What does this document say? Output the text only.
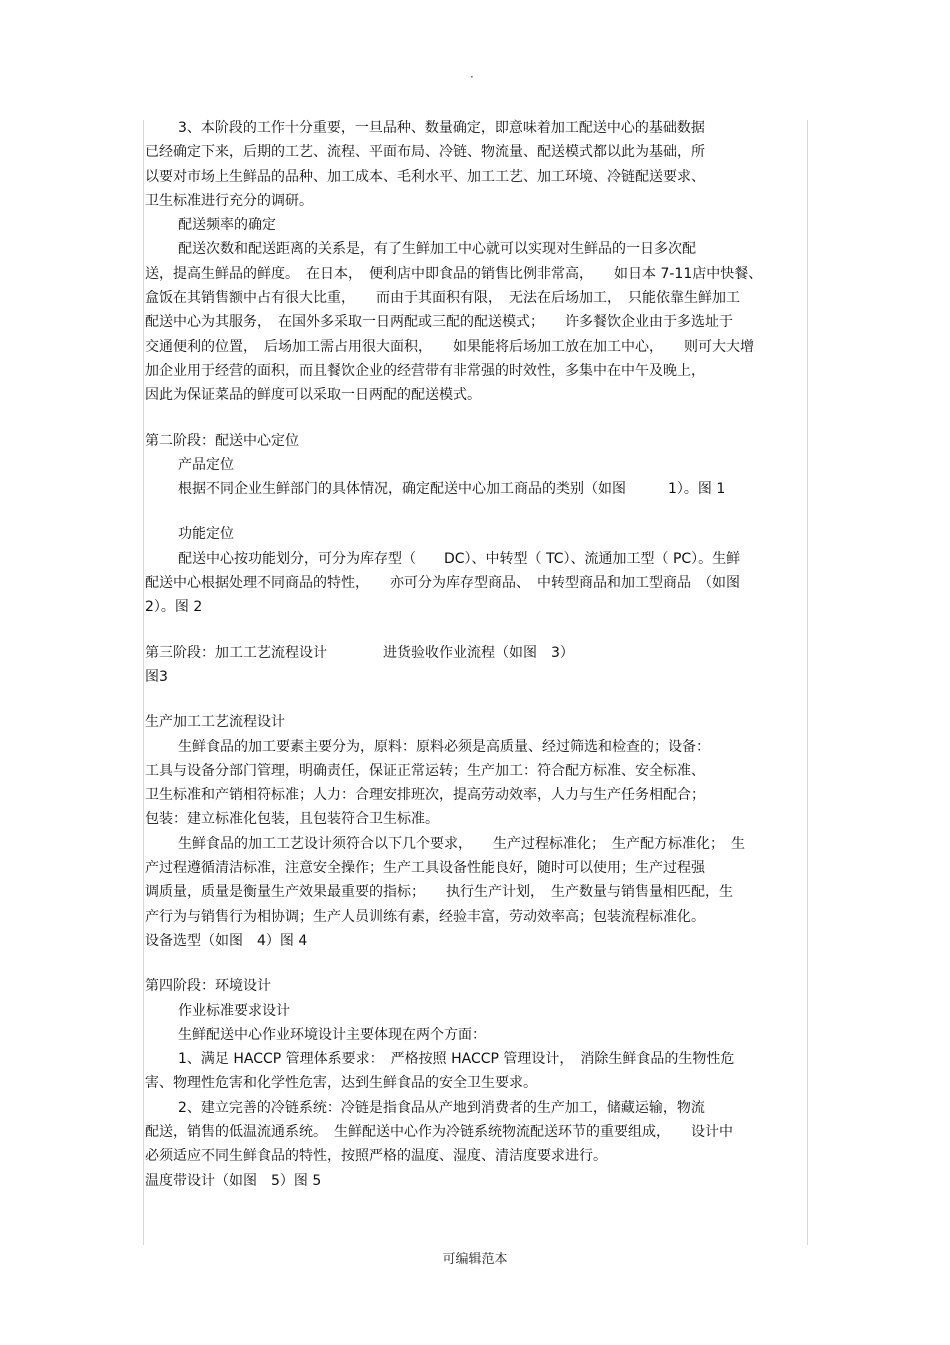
·
3、本阶段的工作十分重要，一旦品种、数量确定，即意味着加工配送中心的基础数据
已经确定下来，后期的工艺、流程、平面布局、冷链、物流量、配送模式都以此为基础，所
以要对市场上生鲜品的品种、加工成本、毛利水平、加工工艺、加工环境、冷链配送要求、
卫生标准进行充分的调研。
配送频率的确定
配送次数和配送距离的关系是，有了生鲜加工中心就可以实现对生鲜品的一日多次配
送，提高生鲜品的鲜度。　在日本，　便利店中即食品的销售比例非常高，　　如日本 7-11店中快餐、
盒饭在其销售额中占有很大比重，　　而由于其面积有限，　无法在后场加工，　只能依靠生鲜加工
配送中心为其服务，　在国外多采取一日两配或三配的配送模式；　　许多餐饮企业由于多选址于
交通便利的位置，　后场加工需占用很大面积，　　如果能将后场加工放在加工中心，　　则可大大增
加企业用于经营的面积，而且餐饮企业的经营带有非常强的时效性，多集中在中午及晚上，
因此为保证菜品的鲜度可以采取一日两配的配送模式。
第二阶段：配送中心定位
产品定位
根据不同企业生鲜部门的具体情况，确定配送中心加工商品的类别（如图　　　1）。图 1
功能定位
配送中心按功能划分，可分为库存型（　　DC）、中转型（ TC）、流通加工型（ PC）。生鲜
配送中心根据处理不同商品的特性，　　亦可分为库存型商品、　中转型商品和加工型商品　（如图
2）。图 2
第三阶段：加工工艺流程设计　　　　进货验收作业流程（如图　3）
图3
生产加工工艺流程设计
生鲜食品的加工要素主要分为，原料：原料必须是高质量、经过筛选和检查的；设备：
工具与设备分部门管理，明确责任，保证正常运转；生产加工：符合配方标准、安全标准、
卫生标准和产销相符标准；人力：合理安排班次，提高劳动效率，人力与生产任务相配合；
包装：建立标准化包装，且包装符合卫生标准。
生鲜食品的加工工艺设计须符合以下几个要求，　　生产过程标准化；　生产配方标准化；　生
产过程遵循清洁标准，注意安全操作；生产工具设备性能良好，随时可以使用；生产过程强
调质量，质量是衡量生产效果最重要的指标；　　执行生产计划，　生产数量与销售量相匹配，生
产行为与销售行为相协调；生产人员训练有素，经验丰富，劳动效率高；包装流程标准化。
设备选型（如图　4）图 4
第四阶段：环境设计
作业标准要求设计
生鲜配送中心作业环境设计主要体现在两个方面：
1、满足 HACCP 管理体系要求：　严格按照 HACCP 管理设计，　消除生鲜食品的生物性危
害、物理性危害和化学性危害，达到生鲜食品的安全卫生要求。
2、建立完善的冷链系统：冷链是指食品从产地到消费者的生产加工，储藏运输，物流
配送，销售的低温流通系统。　生鲜配送中心作为冷链系统物流配送环节的重要组成，　　设计中
必须适应不同生鲜食品的特性，按照严格的温度、湿度、清洁度要求进行。
温度带设计（如图　5）图 5
可编辑范本
